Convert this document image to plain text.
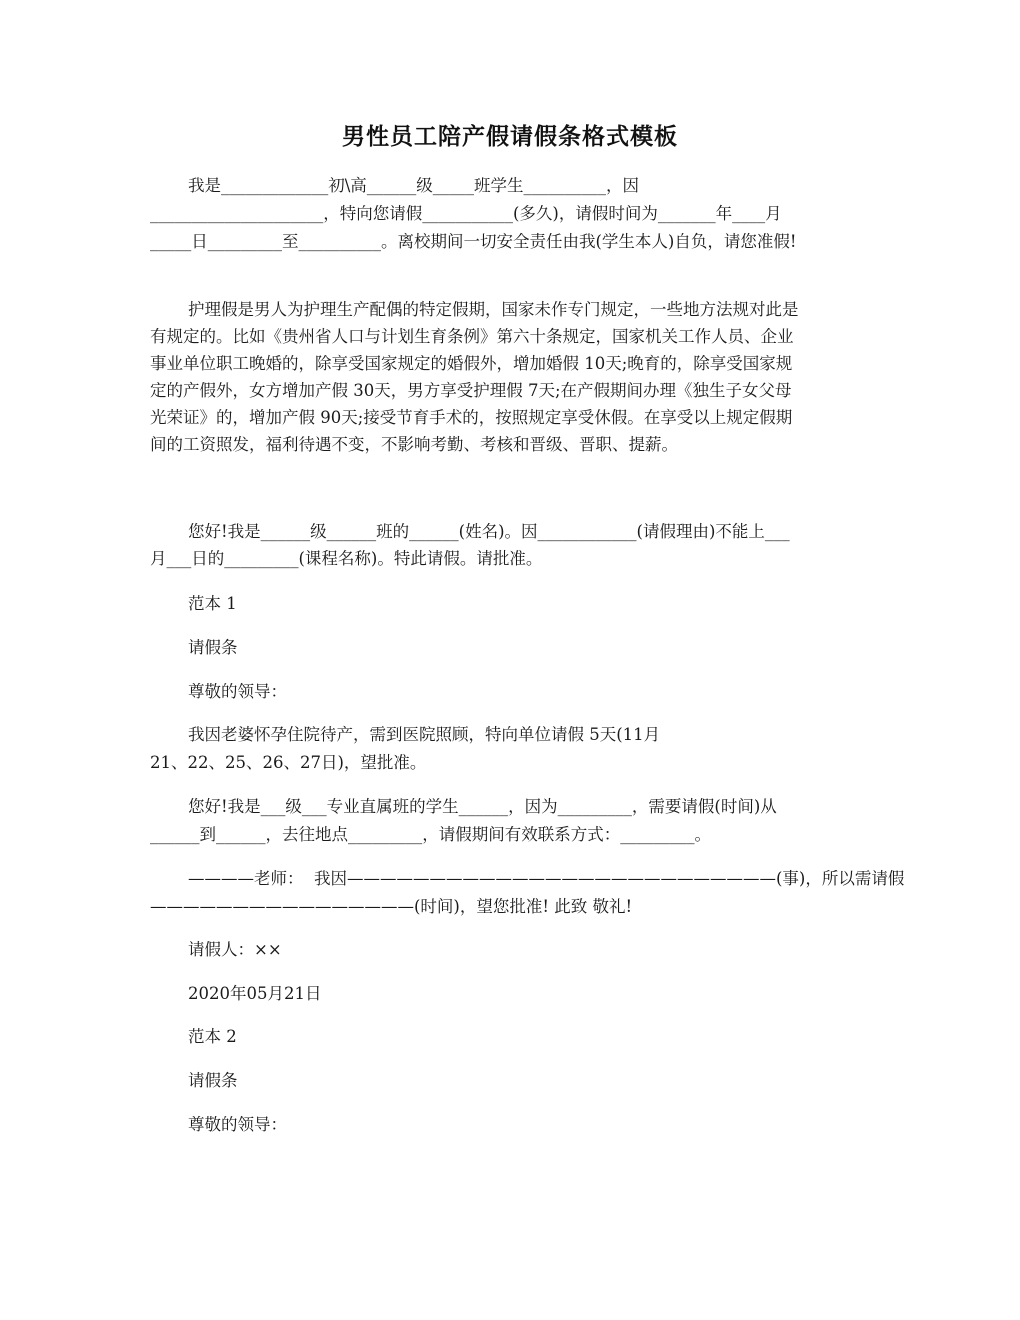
男性员工陪产假请假条格式模板
我是_____________初\高______级_____班学生__________，因
_____________________，特向您请假___________(多久)，请假时间为_______年____月
_____日_________至__________。离校期间一切安全责任由我(学生本人)自负，请您准假!
护理假是男人为护理生产配偶的特定假期，国家未作专门规定，一些地方法规对此是
有规定的。比如《贵州省人口与计划生育条例》第六十条规定，国家机关工作人员、企业
事业单位职工晚婚的，除享受国家规定的婚假外，增加婚假 10天;晚育的，除享受国家规
定的产假外，女方增加产假 30天，男方享受护理假 7天;在产假期间办理《独生子女父母
光荣证》的，增加产假 90天;接受节育手术的，按照规定享受休假。在享受以上规定假期
间的工资照发，福利待遇不变，不影响考勤、考核和晋级、晋职、提薪。
您好!我是______级______班的______(姓名)。因____________(请假理由)不能上___
月___日的_________(课程名称)。特此请假。请批准。
范本 1
请假条
尊敬的领导：
我因老婆怀孕住院待产，需到医院照顾，特向单位请假 5天(11月
21、22、25、26、27日)，望批准。
您好!我是___级___专业直属班的学生______，因为_________，需要请假(时间)从
______到______，去往地点_________，请假期间有效联系方式：_________。
————老师：  我因——————————————————————————(事)，所以需请假
————————————————(时间)，望您批准! 此致 敬礼!
请假人：××
2020年05月21日
范本 2
请假条
尊敬的领导：
